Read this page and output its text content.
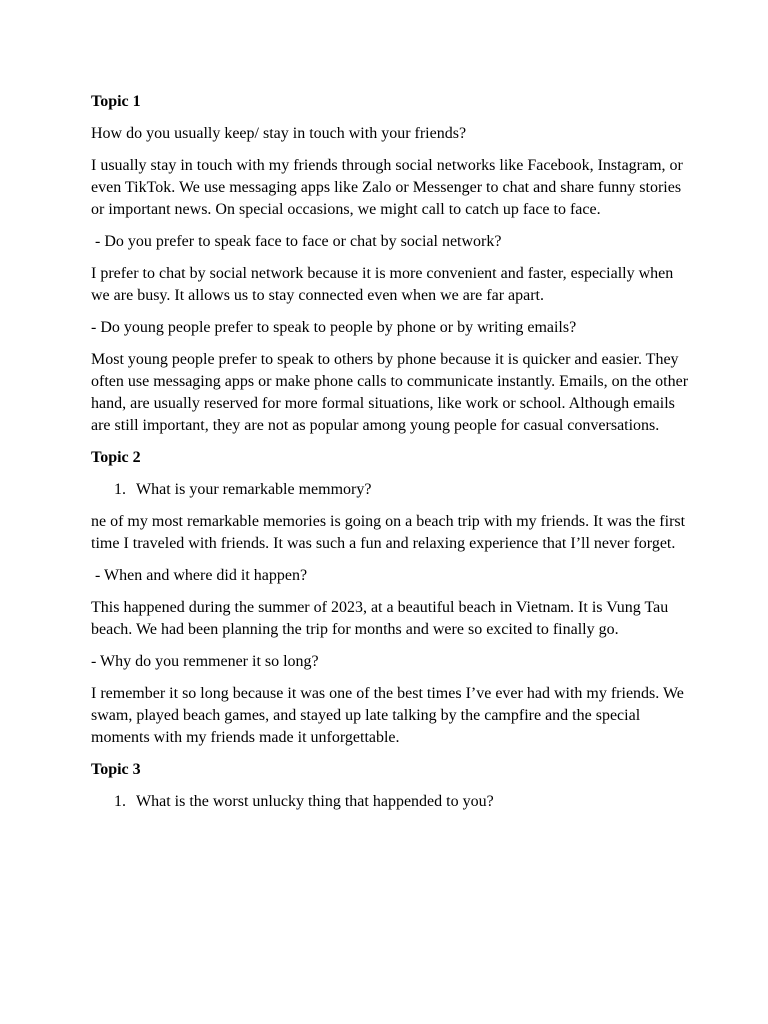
Topic 1

How do you usually keep/ stay in touch with your friends?

I usually stay in touch with my friends through social networks like Facebook, Instagram, or even TikTok. We use messaging apps like Zalo or Messenger to chat and share funny stories or important news. On special occasions, we might call to catch up face to face.

- Do you prefer to speak face to face or chat by social network?

I prefer to chat by social network because it is more convenient and faster, especially when we are busy. It allows us to stay connected even when we are far apart.

- Do young people prefer to speak to people by phone or by writing emails?

Most young people prefer to speak to others by phone because it is quicker and easier. They often use messaging apps or make phone calls to communicate instantly. Emails, on the other hand, are usually reserved for more formal situations, like work or school. Although emails are still important, they are not as popular among young people for casual conversations.

Topic 2

1. What is your remarkable memmory?

ne of my most remarkable memories is going on a beach trip with my friends. It was the first time I traveled with friends. It was such a fun and relaxing experience that I’ll never forget.

- When and where did it happen?

This happened during the summer of 2023, at a beautiful beach in Vietnam. It is Vung Tau beach. We had been planning the trip for months and were so excited to finally go.

- Why do you remmener it so long?

I remember it so long because it was one of the best times I’ve ever had with my friends. We swam, played beach games, and stayed up late talking by the campfire and the special moments with my friends made it unforgettable.

Topic 3

1. What is the worst unlucky thing that happended to you?
